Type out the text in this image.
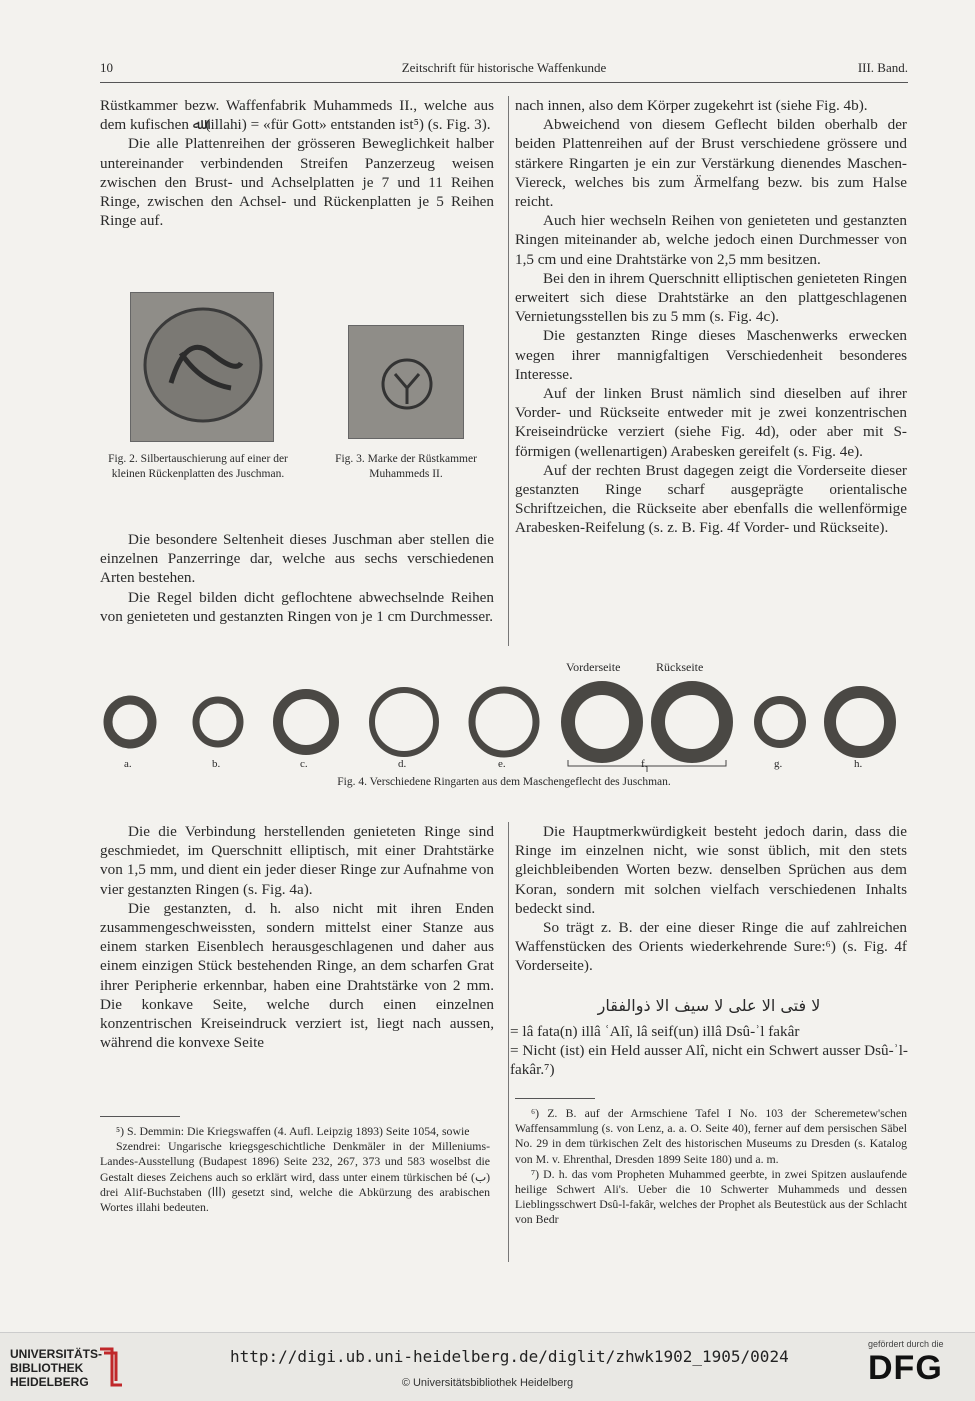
10	Zeitschrift für historische Waffenkunde	III. Band.

Rüstkammer bezw. Waffenfabrik Muhammeds II., welche aus dem kufischen ﷲ (illahi) = «für Gott» entstanden ist⁵) (s. Fig. 3).

Die alle Plattenreihen der grösseren Beweglichkeit halber untereinander verbindenden Streifen Panzerzeug weisen zwischen den Brust- und Achselplatten je 7 und 11 Reihen Ringe, zwischen den Achsel- und Rückenplatten je 5 Reihen Ringe auf.

Fig. 2. Silbertauschierung auf einer der kleinen Rückenplatten des Juschman.
Fig. 3. Marke der Rüstkammer Muhammeds II.

Die besondere Seltenheit dieses Juschman aber stellen die einzelnen Panzerringe dar, welche aus sechs verschiedenen Arten bestehen.

Die Regel bilden dicht geflochtene abwechselnde Reihen von genieteten und gestanzten Ringen von je 1 cm Durchmesser.

nach innen, also dem Körper zugekehrt ist (siehe Fig. 4b).

Abweichend von diesem Geflecht bilden oberhalb der beiden Plattenreihen auf der Brust verschiedene grössere und stärkere Ringarten je ein zur Verstärkung dienendes Maschen-Viereck, welches bis zum Ärmelfang bezw. bis zum Halse reicht.

Auch hier wechseln Reihen von genieteten und gestanzten Ringen miteinander ab, welche jedoch einen Durchmesser von 1,5 cm und eine Drahtstärke von 2,5 mm besitzen.

Bei den in ihrem Querschnitt elliptischen genieteten Ringen erweitert sich diese Drahtstärke an den plattgeschlagenen Vernietungsstellen bis zu 5 mm (s. Fig. 4c).

Die gestanzten Ringe dieses Maschenwerks erwecken wegen ihrer mannigfaltigen Verschiedenheit besonderes Interesse.

Auf der linken Brust nämlich sind dieselben auf ihrer Vorder- und Rückseite entweder mit je zwei konzentrischen Kreiseindrücke verziert (siehe Fig. 4d), oder aber mit S-förmigen (wellenartigen) Arabesken gereifelt (s. Fig. 4e).

Auf der rechten Brust dagegen zeigt die Vorderseite dieser gestanzten Ringe scharf ausgeprägte orientalische Schriftzeichen, die Rückseite aber ebenfalls die wellenförmige Arabesken-Reifelung (s. z. B. Fig. 4f Vorder- und Rückseite).

Vorderseite	Rückseite
a.	b.	c.	d.	e.	f.	g.	h.
Fig. 4. Verschiedene Ringarten aus dem Maschengeflecht des Juschman.

Die die Verbindung herstellenden genieteten Ringe sind geschmiedet, im Querschnitt elliptisch, mit einer Drahtstärke von 1,5 mm, und dient ein jeder dieser Ringe zur Aufnahme von vier gestanzten Ringen (s. Fig. 4a).

Die gestanzten, d. h. also nicht mit ihren Enden zusammengeschweissten, sondern mittelst einer Stanze aus einem starken Eisenblech herausgeschlagenen und daher aus einem einzigen Stück bestehenden Ringe, an dem scharfen Grat ihrer Peripherie erkennbar, haben eine Drahtstärke von 2 mm. Die konkave Seite, welche durch einen einzelnen konzentrischen Kreiseindruck verziert ist, liegt nach aussen, während die konvexe Seite

Die Hauptmerkwürdigkeit besteht jedoch darin, dass die Ringe im einzelnen nicht, wie sonst üblich, mit den stets gleichbleibenden Worten bezw. denselben Sprüchen aus dem Koran, sondern mit solchen vielfach verschiedenen Inhalts bedeckt sind.

So trägt z. B. der eine dieser Ringe die auf zahlreichen Waffenstücken des Orients wiederkehrende Sure:⁶) (s. Fig. 4f Vorderseite).

لا فتى الا على لا سيف الا ذوالفقار

= lâ fata(n) illâ ʿAlî, lâ seif(un) illâ Dsû-ʾl fakâr

= Nicht (ist) ein Held ausser Alî, nicht ein Schwert ausser Dsû-ʾl-fakâr.⁷)

⁵) S. Demmin: Die Kriegswaffen (4. Aufl. Leipzig 1893) Seite 1054, sowie

Szendrei: Ungarische kriegsgeschichtliche Denkmäler in der Milleniums-Landes-Ausstellung (Budapest 1896) Seite 232, 267, 373 und 583 woselbst die Gestalt dieses Zeichens auch so erklärt wird, dass unter einem türkischen bé (ب) drei Alif-Buchstaben (ااا) gesetzt sind, welche die Abkürzung des arabischen Wortes illahi bedeuten.

⁶) Z. B. auf der Armschiene Tafel I No. 103 der Scheremetew'schen Waffensammlung (s. von Lenz, a. a. O. Seite 40), ferner auf dem persischen Säbel No. 29 in dem türkischen Zelt des historischen Museums zu Dresden (s. Katalog von M. v. Ehrenthal, Dresden 1899 Seite 180) und a. m.

⁷) D. h. das vom Propheten Muhammed geerbte, in zwei Spitzen auslaufende heilige Schwert Ali's. Ueber die 10 Schwerter Muhammeds und dessen Lieblingsschwert Dsû-l-fakâr, welches der Prophet als Beutestück aus der Schlacht von Bedr

UNIVERSITÄTS-
BIBLIOTHEK
HEIDELBERG
http://digi.ub.uni-heidelberg.de/diglit/zhwk1902_1905/0024
© Universitätsbibliothek Heidelberg
gefördert durch die
DFG
